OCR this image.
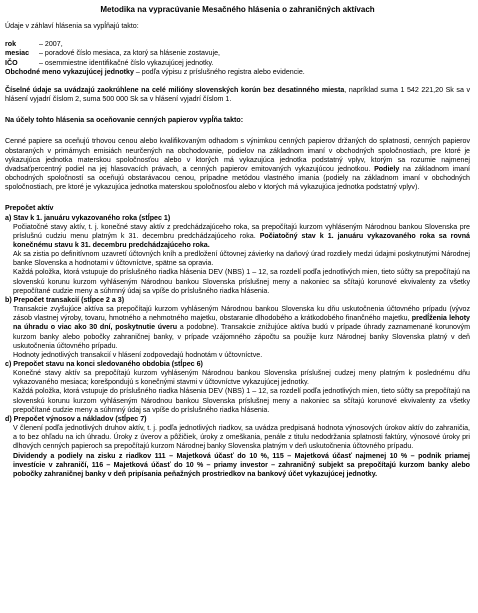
Metodika na vypracúvanie Mesačného hlásenia o zahraničných aktívach

Údaje v záhlaví hlásenia sa vypĺňajú takto:

rok	– 2007,
mesiac	– poradové číslo mesiaca, za ktorý sa hlásenie zostavuje,
IČO	– osemmiestne identifikačné číslo vykazujúcej jednotky.

Obchodné meno vykazujúcej jednotky – podľa výpisu z príslušného registra alebo evidencie.

Číselné údaje sa uvádzajú zaokrúhlene na celé milióny slovenských korún bez desatinného miesta, napríklad suma 1 542 221,20 Sk sa v hlásení vyjadrí číslom 2, suma 500 000 Sk sa v hlásení vyjadrí číslom 1.

Na účely tohto hlásenia sa oceňovanie cenných papierov vypĺňa takto:

Cenné papiere sa oceňujú trhovou cenou alebo kvalifikovaným odhadom s výnimkou cenných papierov držaných do splatnosti, cenných papierov obstaraných v primárnych emisiách neurčených na obchodovanie, podielov na základnom imaní v obchodných spoločnostiach, pre ktoré je vykazujúca jednotka materskou spoločnosťou alebo v ktorých má vykazujúca jednotka podstatný vplyv, ktorým sa rozumie najmenej dvadsaťpercentný podiel na jej hlasovacích právach, a cenných papierov emitovaných vykazujúcou jednotkou. Podiely na základnom imaní obchodných spoločností sa oceňujú obstarávacou cenou, prípadne metódou vlastného imania (podiely na základnom imaní v obchodných spoločnostiach, pre ktoré je vykazujúca jednotka materskou spoločnosťou alebo v ktorých má vykazujúca jednotka podstatný vplyv).

Prepočet aktív

a) Stav k 1. januáru vykazovaného roka (stĺpec 1)

Počiatočné stavy aktív, t. j. konečné stavy aktív z predchádzajúceho roka, sa prepočítajú kurzom vyhláseným Národnou bankou Slovenska pre príslušnú cudziu menu platným k 31. decembru predchádzajúceho roka. Počiatočný stav k 1. januáru vykazovaného roka sa rovná konečnému stavu k 31. decembru predchádzajúceho roka.

Ak sa zistia po definitívnom uzavretí účtovných kníh a predložení účtovnej závierky na daňový úrad rozdiely medzi údajmi poskytnutými Národnej banke Slovenska a hodnotami v účtovníctve, spätne sa opravia.

Každá položka, ktorá vstupuje do príslušného riadka hlásenia DEV (NBS) 1 – 12, sa rozdelí podľa jednotlivých mien, tieto súčty sa prepočítajú na slovenskú korunu kurzom vyhláseným Národnou bankou Slovenska príslušnej meny a nakoniec sa sčítajú korunové ekvivalenty za všetky prepočítané cudzie meny a súhrnný údaj sa vpíše do príslušného riadka hlásenia.

b) Prepočet transakcií (stĺpce 2 a 3)

Transakcie zvyšujúce aktíva sa prepočítajú kurzom vyhláseným Národnou bankou Slovenska ku dňu uskutočnenia účtovného prípadu (vývoz zásob vlastnej výroby, tovaru, hmotného a nehmotného majetku, obstaranie dlhodobého a krátkodobého finančného majetku, predĺženia lehoty na úhradu o viac ako 30 dní, poskytnutie úveru a podobne). Transakcie znižujúce aktíva budú v prípade úhrady zaznamenané korunovým kurzom banky alebo pobočky zahraničnej banky, v prípade vzájomného zápočtu sa použije kurz Národnej banky Slovenska platný v deň uskutočnenia účtovného prípadu.

Hodnoty jednotlivých transakcií v hlásení zodpovedajú hodnotám v účtovníctve.

c) Prepočet stavu na konci sledovaného obdobia (stĺpec 6)

Konečné stavy aktív sa prepočítajú kurzom vyhláseným Národnou bankou Slovenska príslušnej cudzej meny platným k poslednému dňu vykazovaného mesiaca; korešpondujú s konečnými stavmi v účtovníctve vykazujúcej jednotky.

Každá položka, ktorá vstupuje do príslušného riadka hlásenia DEV (NBS) 1 – 12, sa rozdelí podľa jednotlivých mien, tieto súčty sa prepočítajú na slovenskú korunu kurzom vyhláseným Národnou bankou Slovenska príslušnej meny a nakoniec sa sčítajú korunové ekvivalenty za všetky prepočítané cudzie meny a súhrnný údaj sa vpíše do príslušného riadka hlásenia.

d) Prepočet výnosov a nákladov (stĺpec 7)

V členení podľa jednotlivých druhov aktív, t. j. podľa jednotlivých riadkov, sa uvádza predpisaná hodnota výnosových úrokov aktív do zahraničia, a to bez ohľadu na ich úhradu. Úroky z úverov a pôžičiek, úroky z omeškania, penále z titulu nedodržania splatnosti faktúry, výnosové úroky pri dlhových cenných papieroch sa prepočítajú kurzom Národnej banky Slovenska platným v deň uskutočnenia účtovného prípadu.

Dividendy a podiely na zisku z riadkov 111 – Majetková účasť do 10 %, 115 – Majetková účasť najmenej 10 % – podnik priamej investície v zahraničí, 116 – Majetková účasť do 10 % – priamy investor – zahraničný subjekt sa prepočítajú kurzom banky alebo pobočky zahraničnej banky v deň pripísania peňažných prostriedkov na bankový účet vykazujúcej jednotky.
